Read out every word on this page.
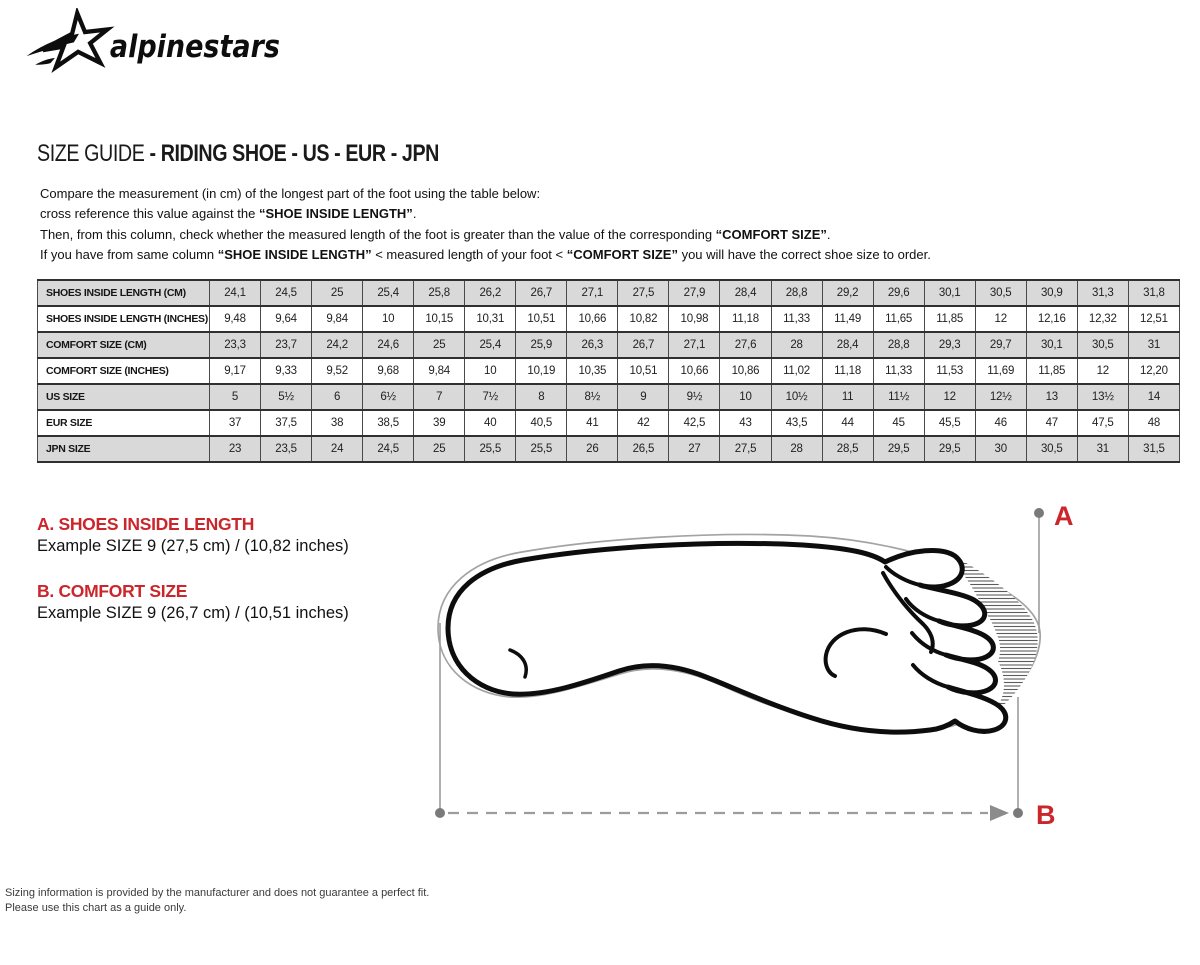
alpinestars
SIZE GUIDE - RIDING SHOE - US - EUR - JPN
Compare the measurement (in cm) of the longest part of the foot using the table below:
cross reference this value against the “SHOE INSIDE LENGTH”.
Then, from this column, check whether the measured length of the foot is greater than the value of the corresponding “COMFORT SIZE”.
If you have from same column “SHOE INSIDE LENGTH” < measured length of your foot < “COMFORT SIZE” you will have the correct shoe size to order.
SHOES INSIDE LENGTH (CM)	24,1	24,5	25	25,4	25,8	26,2	26,7	27,1	27,5	27,9	28,4	28,8	29,2	29,6	30,1	30,5	30,9	31,3	31,8
SHOES INSIDE LENGTH (INCHES)	9,48	9,64	9,84	10	10,15	10,31	10,51	10,66	10,82	10,98	11,18	11,33	11,49	11,65	11,85	12	12,16	12,32	12,51
COMFORT SIZE (CM)	23,3	23,7	24,2	24,6	25	25,4	25,9	26,3	26,7	27,1	27,6	28	28,4	28,8	29,3	29,7	30,1	30,5	31
COMFORT SIZE (INCHES)	9,17	9,33	9,52	9,68	9,84	10	10,19	10,35	10,51	10,66	10,86	11,02	11,18	11,33	11,53	11,69	11,85	12	12,20
US SIZE	5	5½	6	6½	7	7½	8	8½	9	9½	10	10½	11	11½	12	12½	13	13½	14
EUR SIZE	37	37,5	38	38,5	39	40	40,5	41	42	42,5	43	43,5	44	45	45,5	46	47	47,5	48
JPN SIZE	23	23,5	24	24,5	25	25,5	25,5	26	26,5	27	27,5	28	28,5	29,5	29,5	30	30,5	31	31,5
A. SHOES INSIDE LENGTH
Example SIZE 9 (27,5 cm) / (10,82 inches)
B. COMFORT SIZE
Example SIZE 9 (26,7 cm) / (10,51 inches)
A
B
Sizing information is provided by the manufacturer and does not guarantee a perfect fit.
Please use this chart as a guide only.
